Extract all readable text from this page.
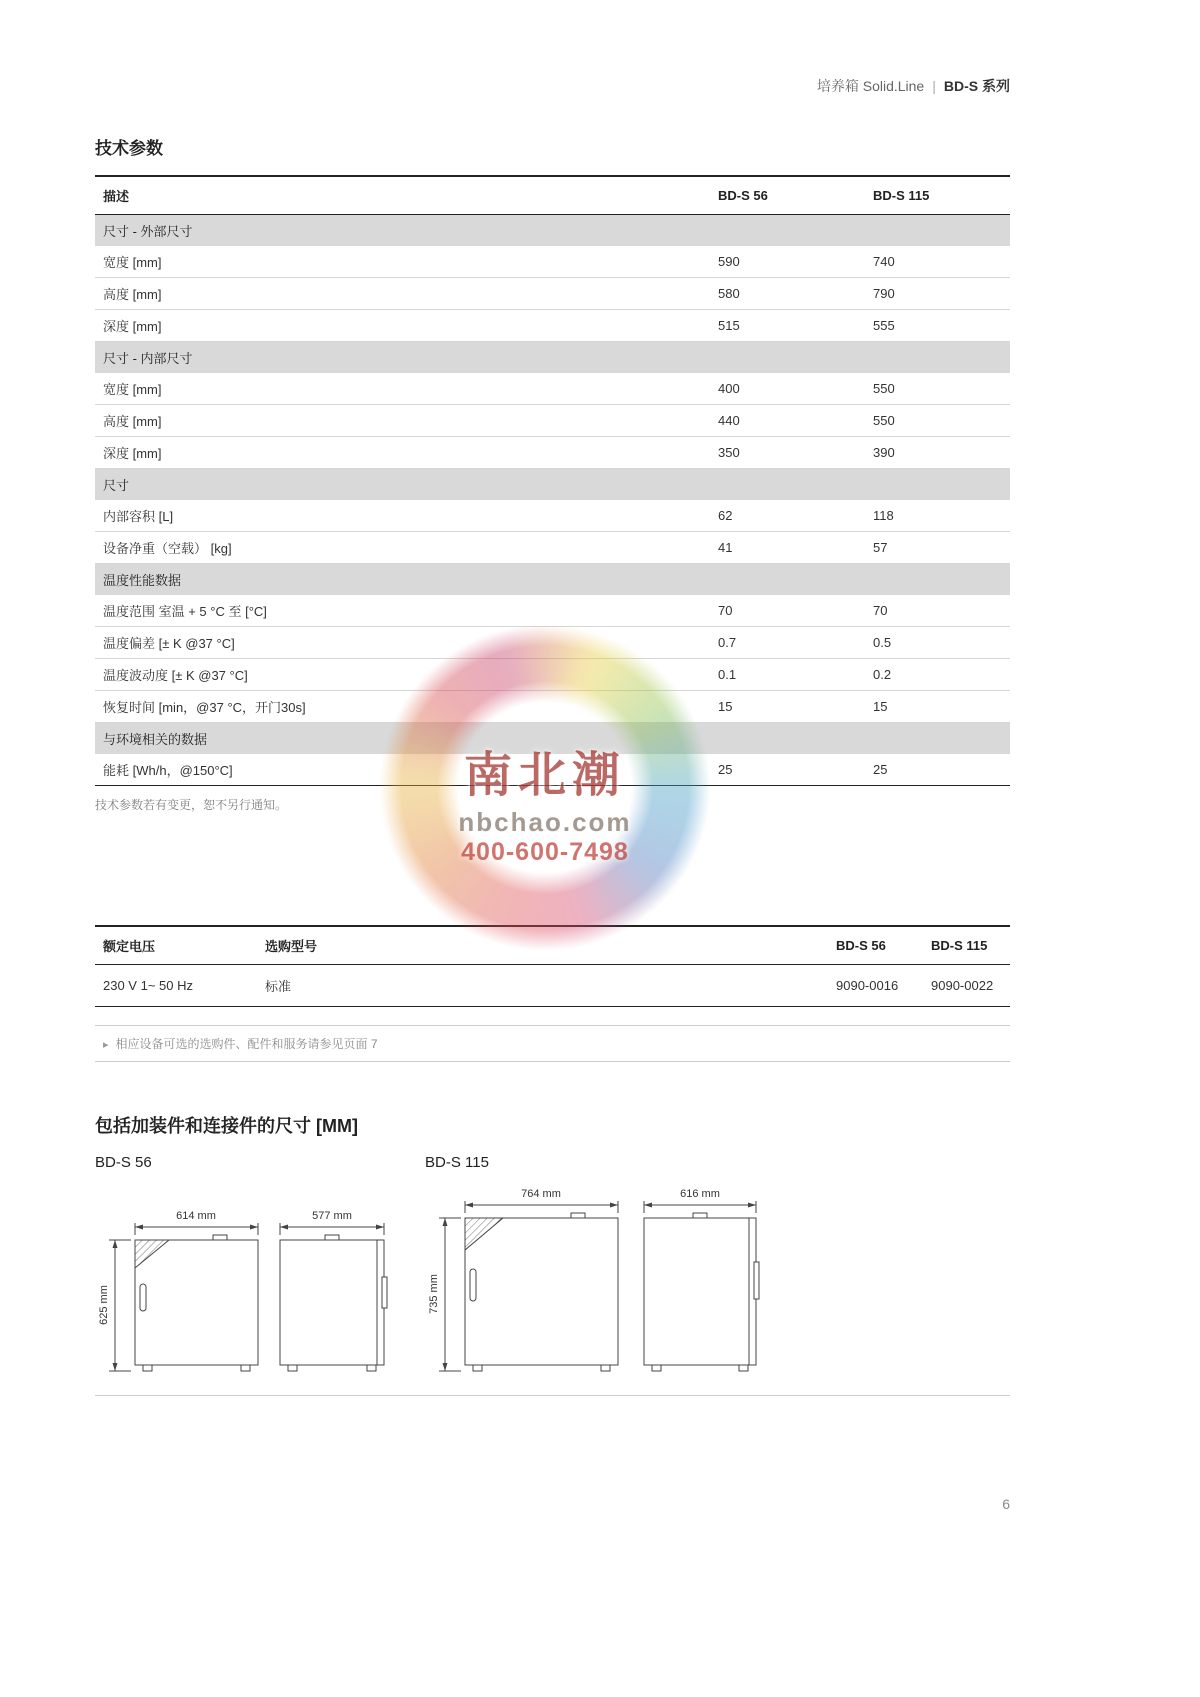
南北潮
nbchao.com
400-600-7498
培养箱 Solid.Line | BD-S 系列
技术参数
描述	BD-S 56	BD-S 115
尺寸 - 外部尺寸		
宽度 [mm]	590	740
高度 [mm]	580	790
深度 [mm]	515	555
尺寸 - 内部尺寸		
宽度 [mm]	400	550
高度 [mm]	440	550
深度 [mm]	350	390
尺寸		
内部容积 [L]	62	118
设备净重（空载） [kg]	41	57
温度性能数据		
温度范围 室温 + 5 °C 至 [°C]	70	70
温度偏差 [± K @37 °C]	0.7	0.5
温度波动度 [± K @37 °C]	0.1	0.2
恢复时间 [min，@37 °C，开门30s]	15	15
与环境相关的数据		
能耗 [Wh/h，@150°C]	25	25
技术参数若有变更，恕不另行通知。
额定电压	选购型号	BD-S 56	BD-S 115
230 V 1~ 50 Hz	标准	9090-0016	9090-0022
▸ 相应设备可选的选购件、配件和服务请参见页面 7
包括加装件和连接件的尺寸 [MM]
BD-S 56
614 mm
625 mm
577 mm
BD-S 115
764 mm
735 mm
616 mm
6
